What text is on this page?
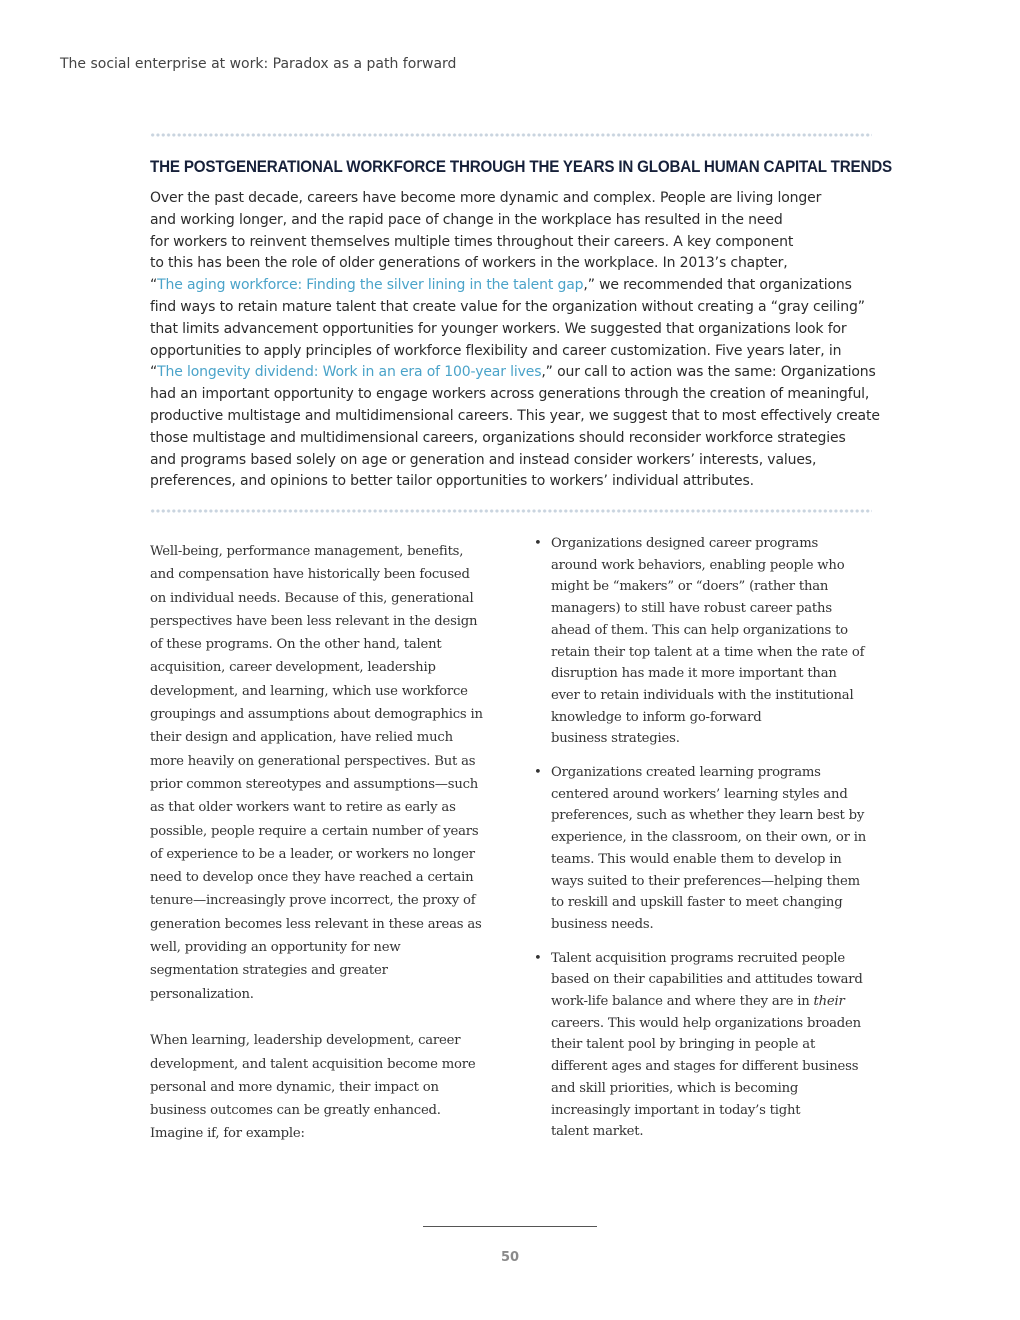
The social enterprise at work: Paradox as a path forward
THE POSTGENERATIONAL WORKFORCE THROUGH THE YEARS IN GLOBAL HUMAN CAPITAL TRENDS
Over the past decade, careers have become more dynamic and complex. People are living longer
and working longer, and the rapid pace of change in the workplace has resulted in the need
for workers to reinvent themselves multiple times throughout their careers. A key component
to this has been the role of older generations of workers in the workplace. In 2013’s chapter,
“The aging workforce: Finding the silver lining in the talent gap,” we recommended that organizations
find ways to retain mature talent that create value for the organization without creating a “gray ceiling”
that limits advancement opportunities for younger workers. We suggested that organizations look for
opportunities to apply principles of workforce flexibility and career customization. Five years later, in
“The longevity dividend: Work in an era of 100-year lives,” our call to action was the same: Organizations
had an important opportunity to engage workers across generations through the creation of meaningful,
productive multistage and multidimensional careers. This year, we suggest that to most effectively create
those multistage and multidimensional careers, organizations should reconsider workforce strategies
and programs based solely on age or generation and instead consider workers’ interests, values,
preferences, and opinions to better tailor opportunities to workers’ individual attributes.
Well-being, performance management, benefits,
and compensation have historically been focused
on individual needs. Because of this, generational
perspectives have been less relevant in the design
of these programs. On the other hand, talent
acquisition, career development, leadership
development, and learning, which use workforce
groupings and assumptions about demographics in
their design and application, have relied much
more heavily on generational perspectives. But as
prior common stereotypes and assumptions—such
as that older workers want to retire as early as
possible, people require a certain number of years
of experience to be a leader, or workers no longer
need to develop once they have reached a certain
tenure—increasingly prove incorrect, the proxy of
generation becomes less relevant in these areas as
well, providing an opportunity for new
segmentation strategies and greater
personalization.
When learning, leadership development, career
development, and talent acquisition become more
personal and more dynamic, their impact on
business outcomes can be greatly enhanced.
Imagine if, for example:
• Organizations designed career programs
around work behaviors, enabling people who
might be “makers” or “doers” (rather than
managers) to still have robust career paths
ahead of them. This can help organizations to
retain their top talent at a time when the rate of
disruption has made it more important than
ever to retain individuals with the institutional
knowledge to inform go-forward
business strategies.
• Organizations created learning programs
centered around workers’ learning styles and
preferences, such as whether they learn best by
experience, in the classroom, on their own, or in
teams. This would enable them to develop in
ways suited to their preferences—helping them
to reskill and upskill faster to meet changing
business needs.
• Talent acquisition programs recruited people
based on their capabilities and attitudes toward
work-life balance and where they are in their
careers. This would help organizations broaden
their talent pool by bringing in people at
different ages and stages for different business
and skill priorities, which is becoming
increasingly important in today’s tight
talent market.
50
